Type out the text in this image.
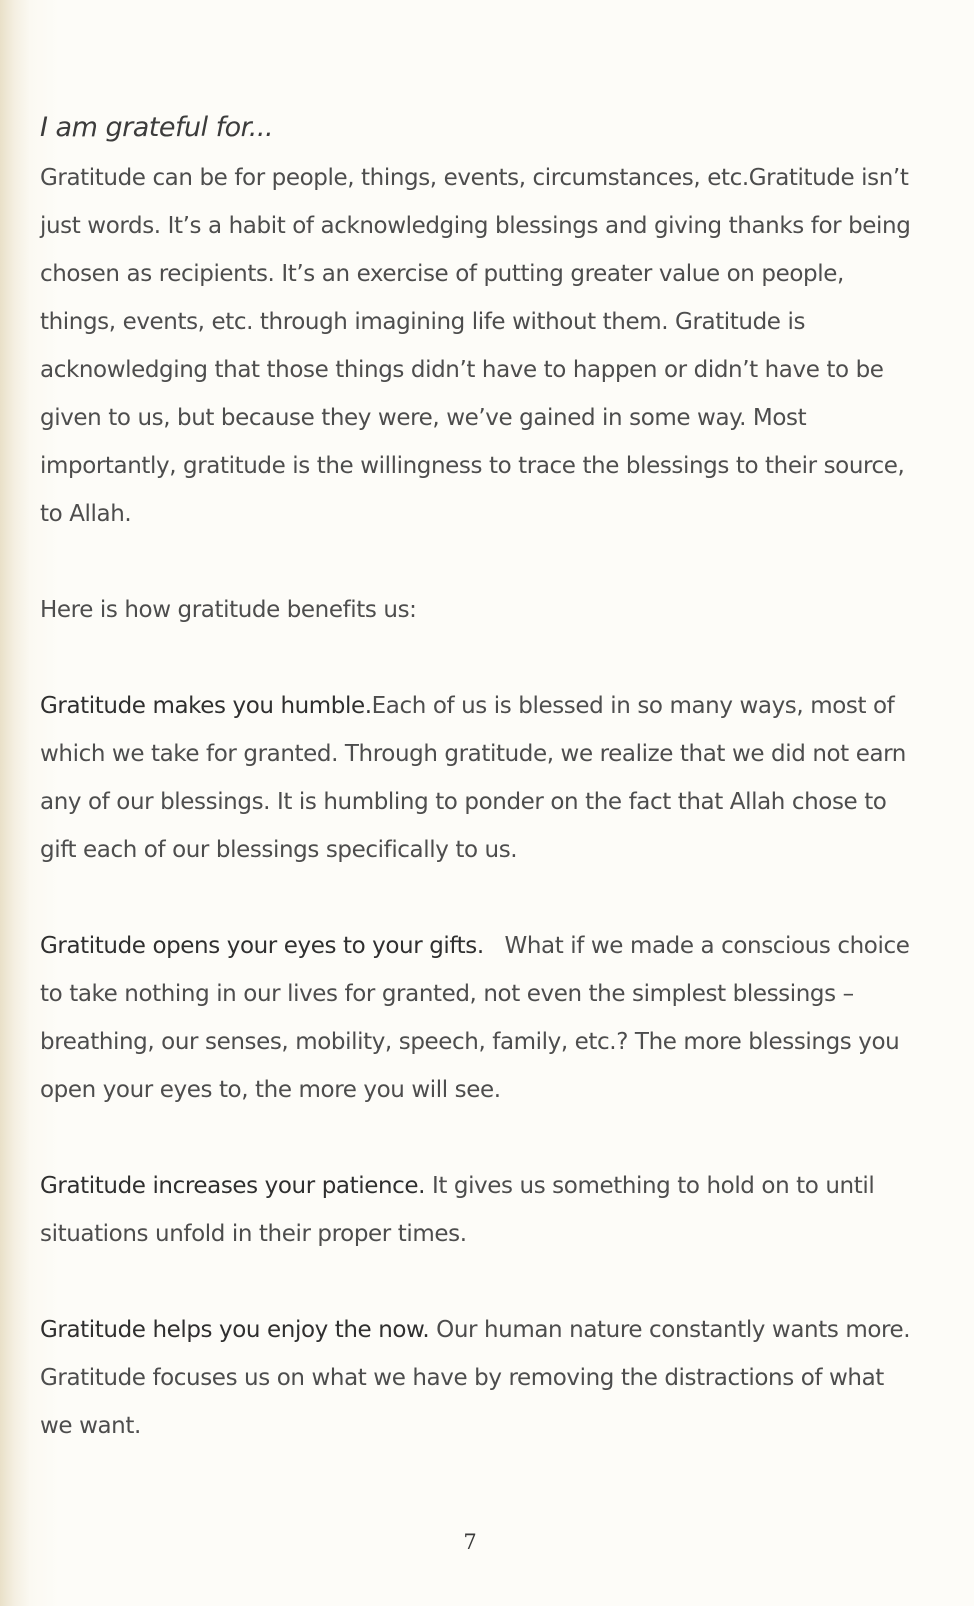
I am grateful for...

Gratitude can be for people, things, events, circumstances, etc.Gratitude isn’t just words. It’s a habit of acknowledging blessings and giving thanks for being chosen as recipients. It’s an exercise of putting greater value on people, things, events, etc. through imagining life without them. Gratitude is acknowledging that those things didn’t have to happen or didn’t have to be given to us, but because they were, we’ve gained in some way. Most importantly, gratitude is the willingness to trace the blessings to their source, to Allah.

Here is how gratitude benefits us:

Gratitude makes you humble.Each of us is blessed in so many ways, most of which we take for granted. Through gratitude, we realize that we did not earn any of our blessings. It is humbling to ponder on the fact that Allah chose to gift each of our blessings specifically to us.

Gratitude opens your eyes to your gifts.   What if we made a conscious choice to take nothing in our lives for granted, not even the simplest blessings – breathing, our senses, mobility, speech, family, etc.? The more blessings you open your eyes to, the more you will see.

Gratitude increases your patience. It gives us something to hold on to until situations unfold in their proper times.

Gratitude helps you enjoy the now. Our human nature constantly wants more. Gratitude focuses us on what we have by removing the distractions of what we want.

7
